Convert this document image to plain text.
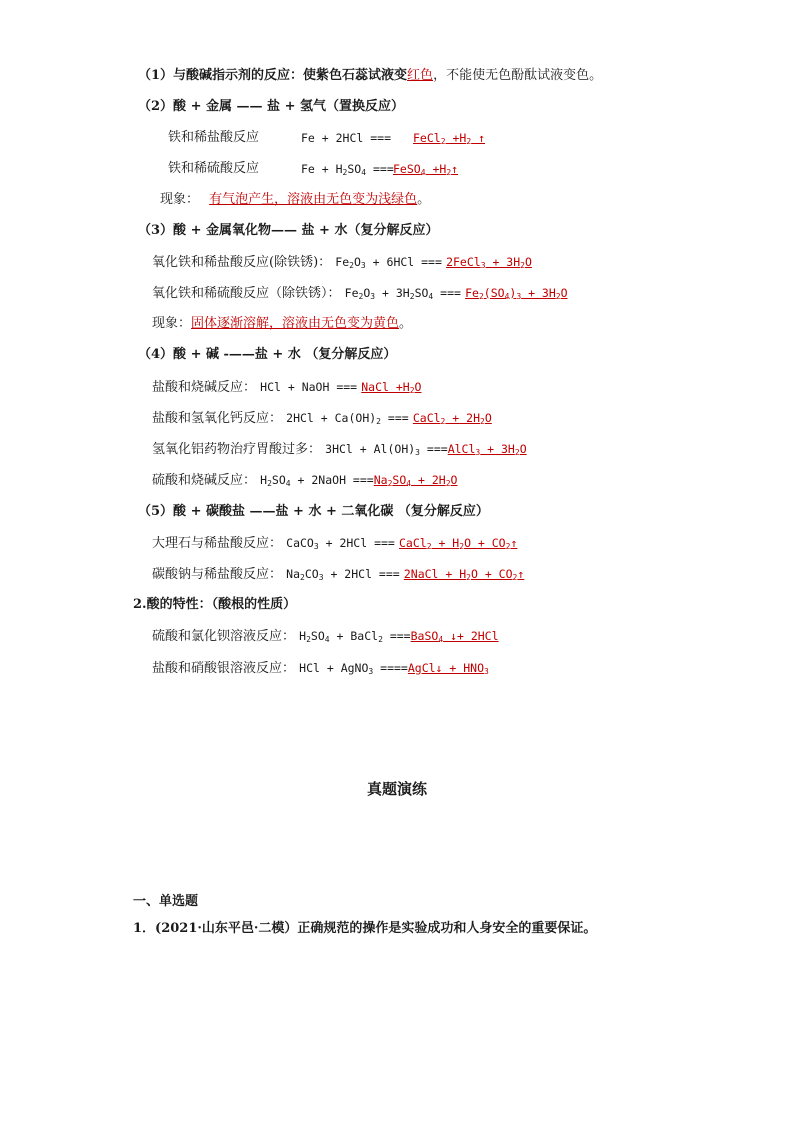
（1）与酸碱指示剂的反应：使紫色石蕊试液变红色，不能使无色酚酞试液变色。
（2）酸 + 金属 —— 盐 + 氢气（置换反应）
铁和稀盐酸反应	Fe + 2HCl === FeCl$_2$ $+H_2$ ↑
铁和稀硫酸反应	$Fe + H_2SO_4$ === FeSO$_4$ $+H_2↑$
现象： 有气泡产生，溶液由无色变为浅绿色。
（3）酸 + 金属氧化物—— 盐 + 水（复分解反应）
氧化铁和稀盐酸反应(除铁锈)： $Fe_2O_3 + 6HCl$ === 2FeCl$_3$ + $3H_2O$
氧化铁和稀硫酸反应（除铁锈）： $Fe_2O_3 + 3H_2SO_4$ === $Fe_2(SO_4)_3 + 3H_2O$
现象：固体逐渐溶解，溶液由无色变为黄色。
（4）酸 + 碱 -——盐 + 水 （复分解反应）
盐酸和烧碱反应： HCl + NaOH === NaCl $+H_2O$
盐酸和氢氧化钙反应： $2HCl + Ca(OH)_2$ === CaCl$_2$ + $2H_2O$
氢氧化铝药物治疗胃酸过多： $3HCl + Al(OH)_3$ ===AlCl$_3$ + $3H_2O$
硫酸和烧碱反应： $H_2SO_4$ + 2NaOH $===Na_2SO_4 + 2H_2O$
（5）酸 + 碳酸盐 ——盐 + 水 + 二氧化碳 （复分解反应）
大理石与稀盐酸反应： CaCO$_3$ + 2HCl === CaCl$_2$ + $H_2O$ + $CO_2↑$
碳酸钠与稀盐酸反应： $Na_2CO_3 + 2HCl$ === 2NaCl + $H_2O$ + $CO_2↑$
2.酸的特性：（酸根的性质）
硫酸和氯化钡溶液反应： $H_2SO_4$ + BaCl$_2$ ===BaSO$_4$ ↓+ 2HCl
盐酸和硝酸银溶液反应： HCl + AgNO$_3$ ====AgCl↓ + $HNO_3$
真题演练
一、单选题
1．(2021·山东平邑·二模）正确规范的操作是实验成功和人身安全的重要保证。
